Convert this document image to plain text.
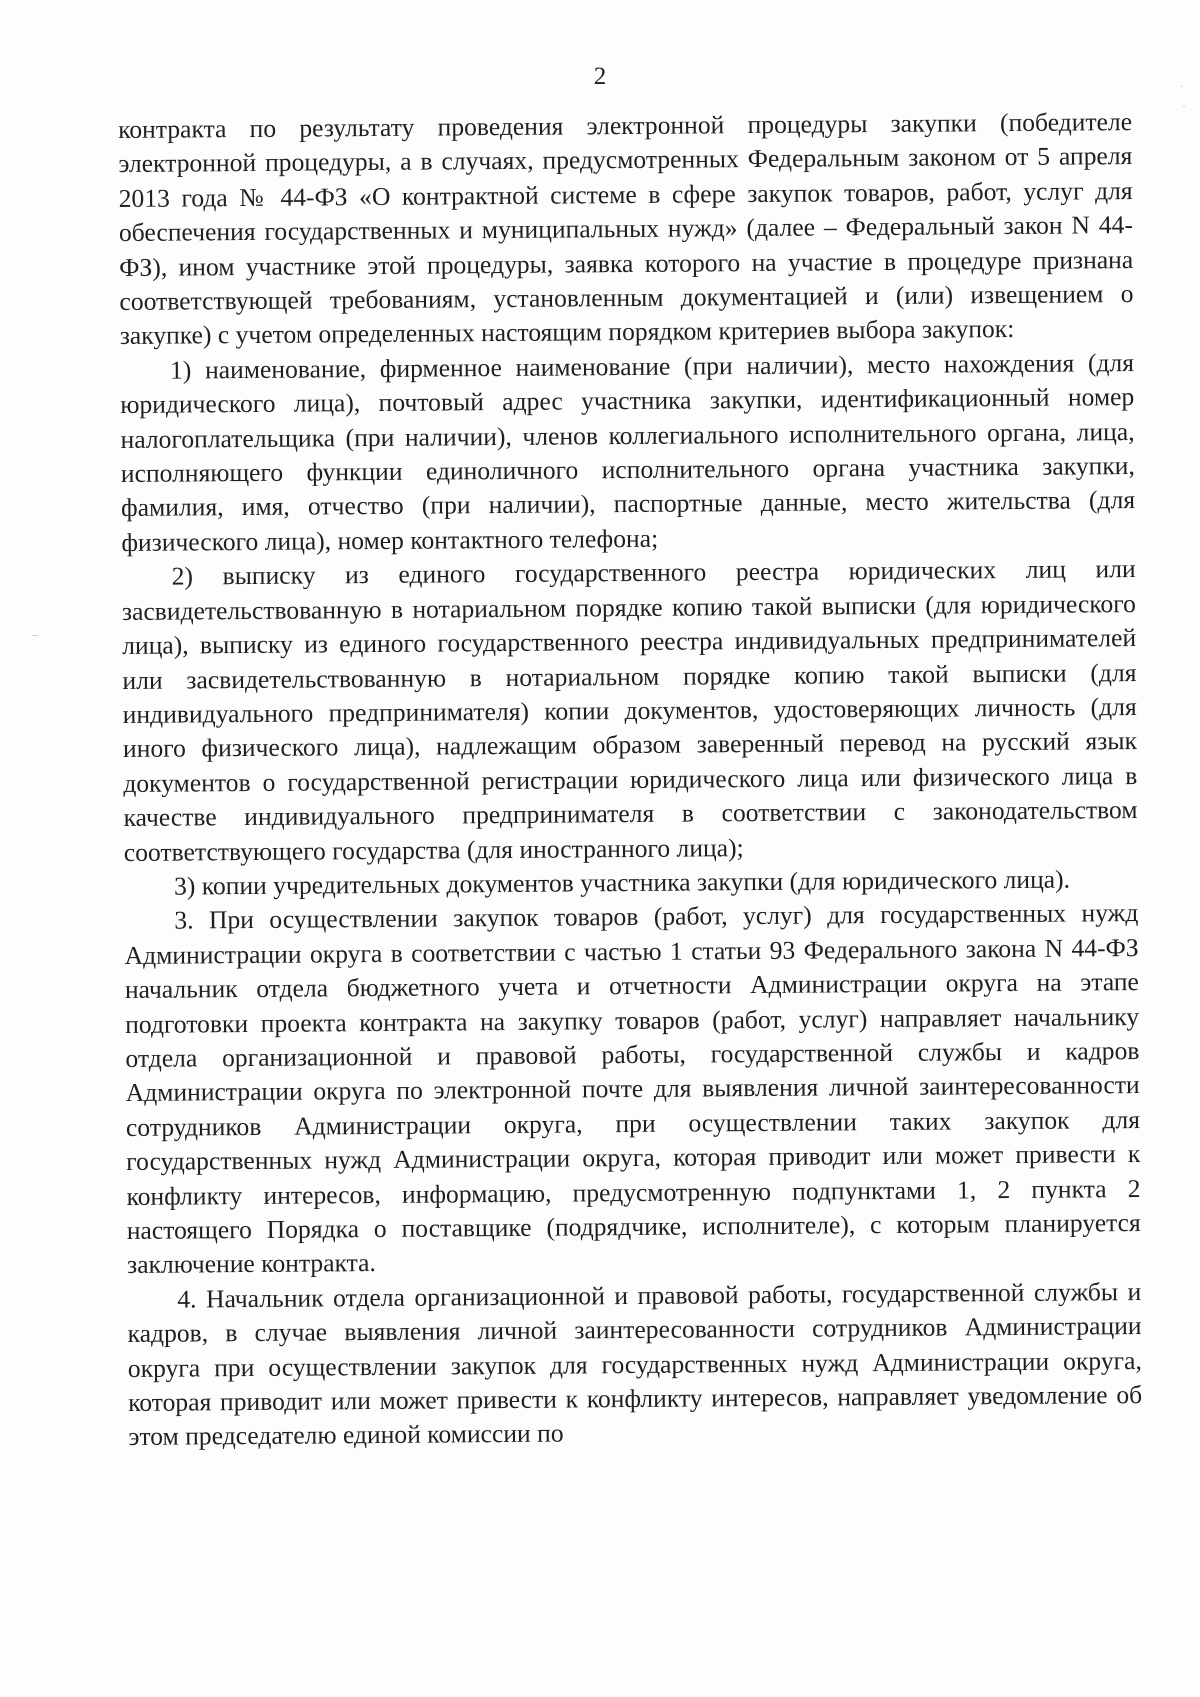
2

контракта по результату проведения электронной процедуры закупки (победителе электронной процедуры, а в случаях, предусмотренных Федеральным законом от 5 апреля 2013 года № 44-ФЗ «О контрактной системе в сфере закупок товаров, работ, услуг для обеспечения государственных и муниципальных нужд» (далее – Федеральный закон N 44-ФЗ), ином участнике этой процедуры, заявка которого на участие в процедуре признана соответствующей требованиям, установленным документацией и (или) извещением о закупке) с учетом определенных настоящим порядком критериев выбора закупок:

1) наименование, фирменное наименование (при наличии), место нахождения (для юридического лица), почтовый адрес участника закупки, идентификационный номер налогоплательщика (при наличии), членов коллегиального исполнительного органа, лица, исполняющего функции единоличного исполнительного органа участника закупки, фамилия, имя, отчество (при наличии), паспортные данные, место жительства (для физического лица), номер контактного телефона;

2) выписку из единого государственного реестра юридических лиц или засвидетельствованную в нотариальном порядке копию такой выписки (для юридического лица), выписку из единого государственного реестра индивидуальных предпринимателей или засвидетельствованную в нотариальном порядке копию такой выписки (для индивидуального предпринимателя) копии документов, удостоверяющих личность (для иного физического лица), надлежащим образом заверенный перевод на русский язык документов о государственной регистрации юридического лица или физического лица в качестве индивидуального предпринимателя в соответствии с законодательством соответствующего государства (для иностранного лица);

3) копии учредительных документов участника закупки (для юридического лица).

3. При осуществлении закупок товаров (работ, услуг) для государственных нужд Администрации округа в соответствии с частью 1 статьи 93 Федерального закона N 44-ФЗ начальник отдела бюджетного учета и отчетности Администрации округа на этапе подготовки проекта контракта на закупку товаров (работ, услуг) направляет начальнику отдела организационной и правовой работы, государственной службы и кадров Администрации округа по электронной почте для выявления личной заинтересованности сотрудников Администрации округа, при осуществлении таких закупок для государственных нужд Администрации округа, которая приводит или может привести к конфликту интересов, информацию, предусмотренную подпунктами 1, 2 пункта 2 настоящего Порядка о поставщике (подрядчике, исполнителе), с которым планируется заключение контракта.

4. Начальник отдела организационной и правовой работы, государственной службы и кадров, в случае выявления личной заинтересованности сотрудников Администрации округа при осуществлении закупок для государственных нужд Администрации округа, которая приводит или может привести к конфликту интересов, направляет уведомление об этом председателю единой комиссии по

·
·
–
